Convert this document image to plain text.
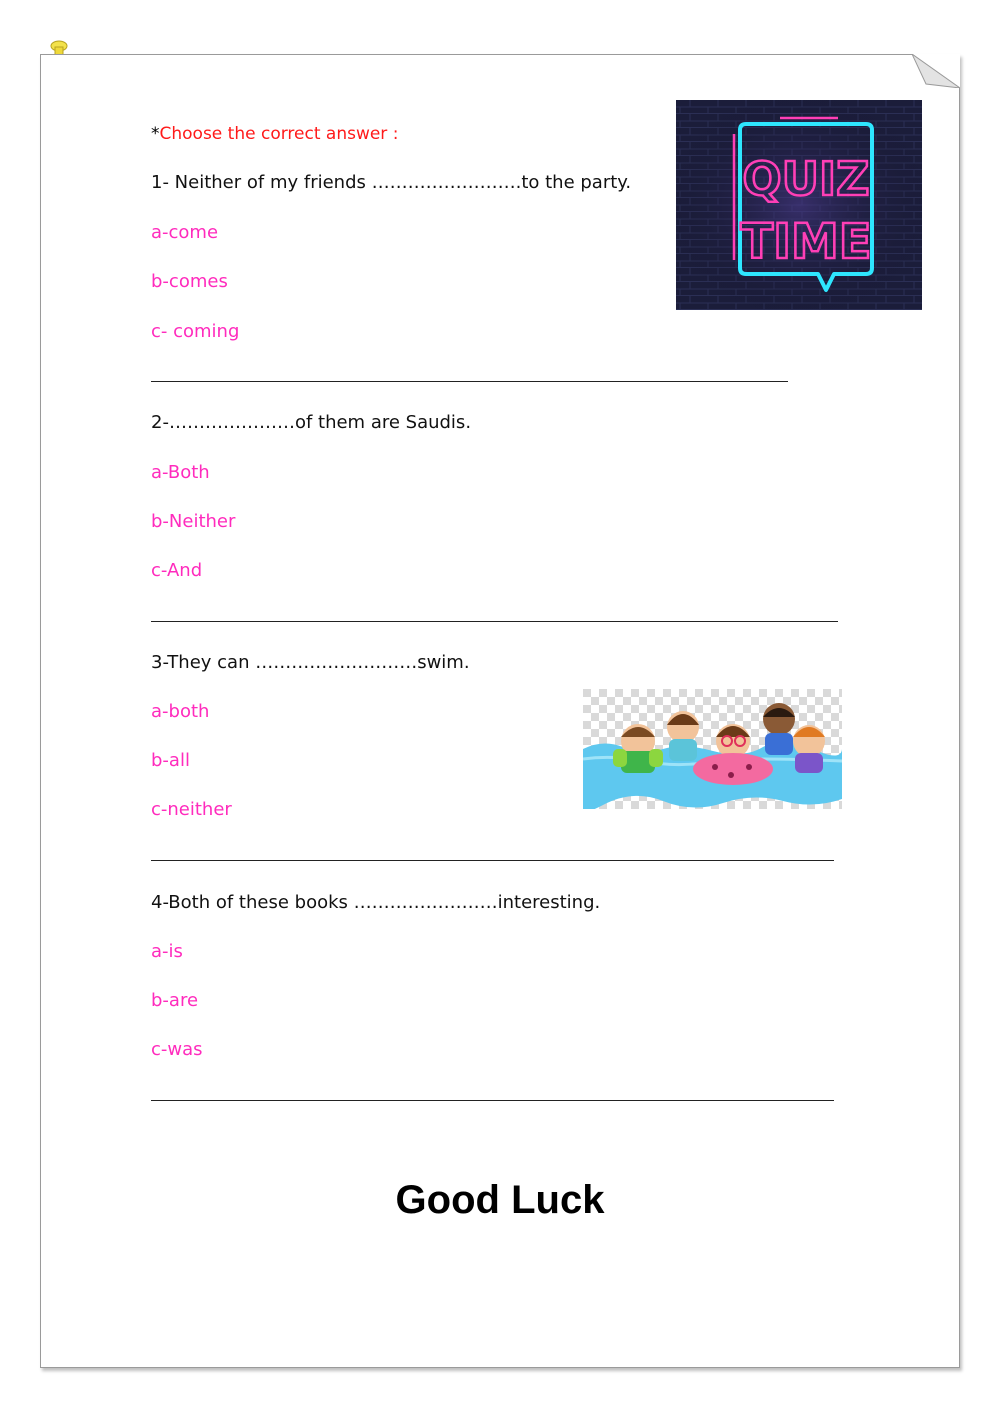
*Choose the correct answer :
1- Neither of my friends …………………….to the party.
a-come
b-comes
c- coming
2-…………………of them are Saudis.
a-Both
b-Neither
c-And
3-They can ………………………swim.
a-both
b-all
c-neither
4-Both of these books ……………………interesting.
a-is
b-are
c-was
QUIZ
TIME
Good Luck
